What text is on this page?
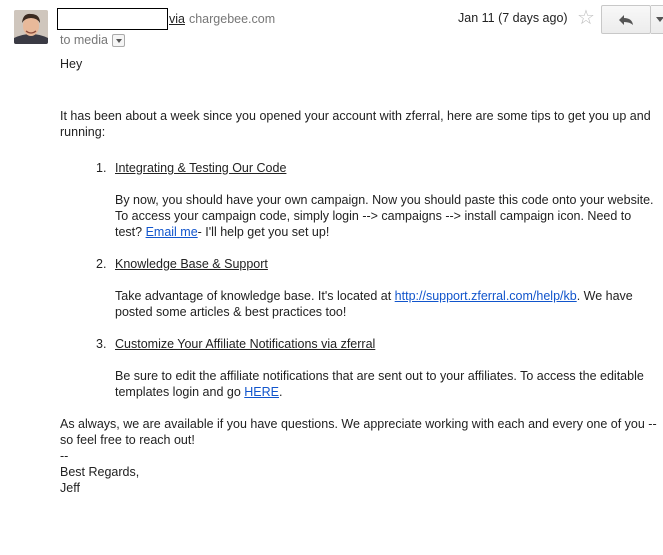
via chargebee.com
to media
Jan 11 (7 days ago) ☆

Hey

It has been about a week since you opened your account with zferral, here are some tips to get you up and running:

1. Integrating & Testing Our Code
By now, you should have your own campaign. Now you should paste this code onto your website. To access your campaign code, simply login --> campaigns --> install campaign icon. Need to test? Email me- I'll help get you set up!
2. Knowledge Base & Support
Take advantage of knowledge base. It's located at http://support.zferral.com/help/kb. We have posted some articles & best practices too!
3. Customize Your Affiliate Notifications via zferral
Be sure to edit the affiliate notifications that are sent out to your affiliates. To access the editable templates login and go HERE.

As always, we are available if you have questions. We appreciate working with each and every one of you -- so feel free to reach out!

--

Best Regards,

Jeff
